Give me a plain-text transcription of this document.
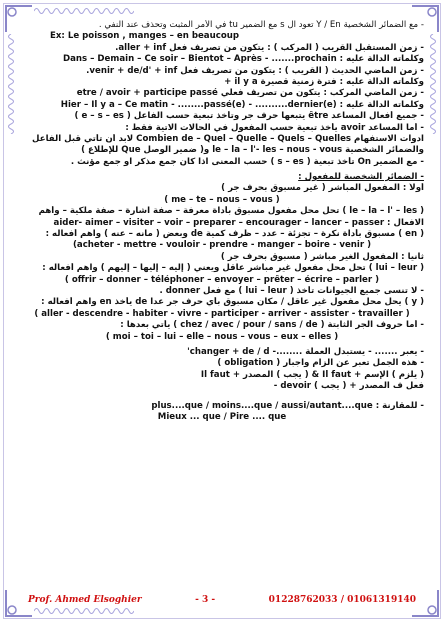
- مع الضمائر الشخصية Y / En تعود ال s مع الضمير tu في الأمر المثبت وتحذف عند النفي .
Ex: Le poisson , manges – en beaucoup
- زمن المستقبل القريب ( المركب ) : يتكون من تصريف فعل aller + inf.
وكلماته الدالة عليه : Dans – Demain – Ce soir – Bientot – Après - .......prochain
- زمن الماضي الحديث ( القريب ) : يتكون من تصريف فعل venir + de/d' + inf.
وكلماته الدالة عليه : فترة زمنية قصيرة il y a +
- زمن الماضي المركب : يتكون من تصريف فعلي etre / avoir + participe passé
وكلماته الدالة عليه : Hier – Il y a – Ce matin - ........passé(e) - ..........dernier(e)
- جميع أفعال المساعد être يتبعها حرف جر وتأخذ تبعية حسب الفاعل ( e – s – es )
- أما المساعد avoir يأخذ تبعية حسب المفعول في الحالات الاتية فقط :
ادوات الاستفهام Combien de – Quel – Quelle – Quels – Quelles لابد أن تأتي قبل الفاعل
والضمائر الشخصية le – la – l'- les – nous - vous و( ضمير الوصل Que للإطلاع )
- مع الضمير On تأخذ تبعية ( s – es ) حسب المعنى اذا كان جمع مذكر او جمع مؤنث .
- الضمائر الشخصية للمفعول :
أولاً : المفعول المباشر ( غير مسبوق بحرف جر )
( me – te – nous – vous )
( le – la – l' – les ) تحل محل مفعول مسبوق بأداة معرفة – صفة اشارة – صفة ملكية – وأهم
الافعال : aider- aimer – visiter – voir – preparer – encourager – lancer – passer
( en ) مسبوق بأداة نكرة – تجزئة – عدد – ظرف كمية de وبعض ( مانه – عنه ) واهم أفعاله :
(acheter - mettre - vouloir - prendre - manger – boire - venir )
ثانيا : المفعول الغير مباشر ( مسبوق بحرف جر )
( lui – leur ) تحل محل مفعول غير مباشر عاقل ويعني ( إليه – إليها – إليهم ) واهم أفعاله :
( offrir – donner – téléphoner – envoyer – prêter – écrire – parler )
- لا تنسى جميع الجيوانات تأخذ ( lui – leur ) مع فعل donner .
( y ) يحل محل مفعول غير عاقل / مكان مسبوق بأي حرف جر عدا de يأخذ en واهم أفعاله :
( aller - descendre - habiter - vivre - participer - arriver - assister - travailler )
- أما حروف الجر الثابتة ( chez / avec / pour / sans / de ) يأتي بعدها :
( moi – toi – lui – elle – nous – vous – eux – elles )
- يعبر ....... - يستبدل العملة ........- changer + de / d'
- هذه الجمل تعبر عن الزام واجبار ( obligation )
( يلزم ) الإسم + Il faut & ( يجب ) المصدر + Il faut
فعل ف المصدر + ( يجب ) devoir -
- للمقارنة : plus....que / moins....que / aussi/autant....que
Mieux ... que / Pire .... que
Prof. Ahmed Elsoghier	- 3 -	01228762033 / 01061319140
